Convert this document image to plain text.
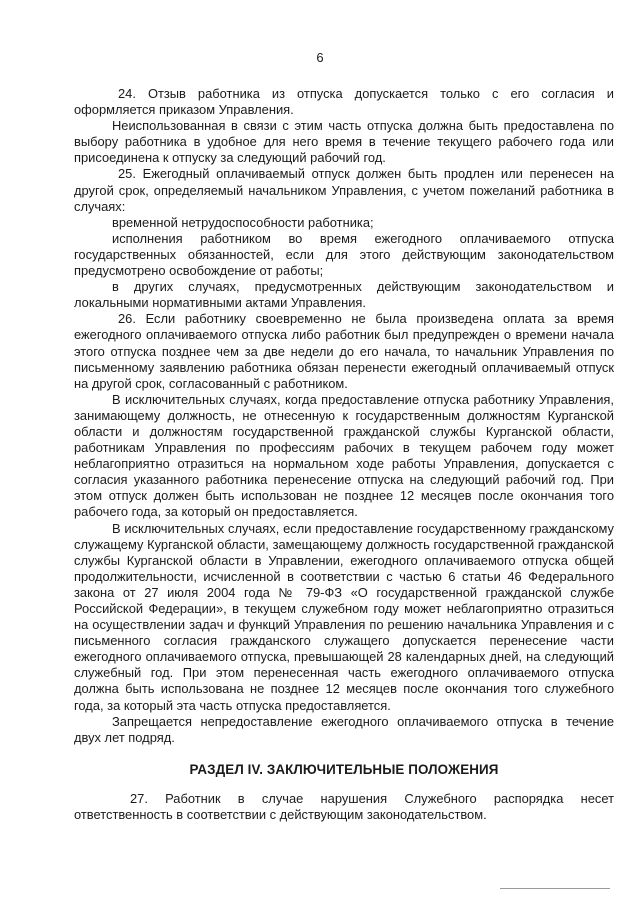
6

24. Отзыв работника из отпуска допускается только с его согласия и оформляется приказом Управления.

Неиспользованная в связи с этим часть отпуска должна быть предоставлена по выбору работника в удобное для него время в течение текущего рабочего года или присоединена к отпуску за следующий рабочий год.

25. Ежегодный оплачиваемый отпуск должен быть продлен или перенесен на другой срок, определяемый начальником Управления, с учетом пожеланий работника в случаях:

временной нетрудоспособности работника;

исполнения работником во время ежегодного оплачиваемого отпуска государственных обязанностей, если для этого действующим законодательством предусмотрено освобождение от работы;

в других случаях, предусмотренных действующим законодательством и локальными нормативными актами Управления.

26. Если работнику своевременно не была произведена оплата за время ежегодного оплачиваемого отпуска либо работник был предупрежден о времени начала этого отпуска позднее чем за две недели до его начала, то начальник Управления по письменному заявлению работника обязан перенести ежегодный оплачиваемый отпуск на другой срок, согласованный с работником.

В исключительных случаях, когда предоставление отпуска работнику Управления, занимающему должность, не отнесенную к государственным должностям Курганской области и должностям государственной гражданской службы Курганской области, работникам Управления по профессиям рабочих в текущем рабочем году может неблагоприятно отразиться на нормальном ходе работы Управления, допускается с согласия указанного работника перенесение отпуска на следующий рабочий год. При этом отпуск должен быть использован не позднее 12 месяцев после окончания того рабочего года, за который он предоставляется.

В исключительных случаях, если предоставление государственному гражданскому служащему Курганской области, замещающему должность государственной гражданской службы Курганской области в Управлении, ежегодного оплачиваемого отпуска общей продолжительности, исчисленной в соответствии с частью 6 статьи 46 Федерального закона от 27 июля 2004 года № 79-ФЗ «О государственной гражданской службе Российской Федерации», в текущем служебном году может неблагоприятно отразиться на осуществлении задач и функций Управления по решению начальника Управления и с письменного согласия гражданского служащего допускается перенесение части ежегодного оплачиваемого отпуска, превышающей 28 календарных дней, на следующий служебный год. При этом перенесенная часть ежегодного оплачиваемого отпуска должна быть использована не позднее 12 месяцев после окончания того служебного года, за который эта часть отпуска предоставляется.

Запрещается непредоставление ежегодного оплачиваемого отпуска в течение двух лет подряд.

РАЗДЕЛ IV. ЗАКЛЮЧИТЕЛЬНЫЕ ПОЛОЖЕНИЯ

27. Работник в случае нарушения Служебного распорядка несет ответственность в соответствии с действующим законодательством.
